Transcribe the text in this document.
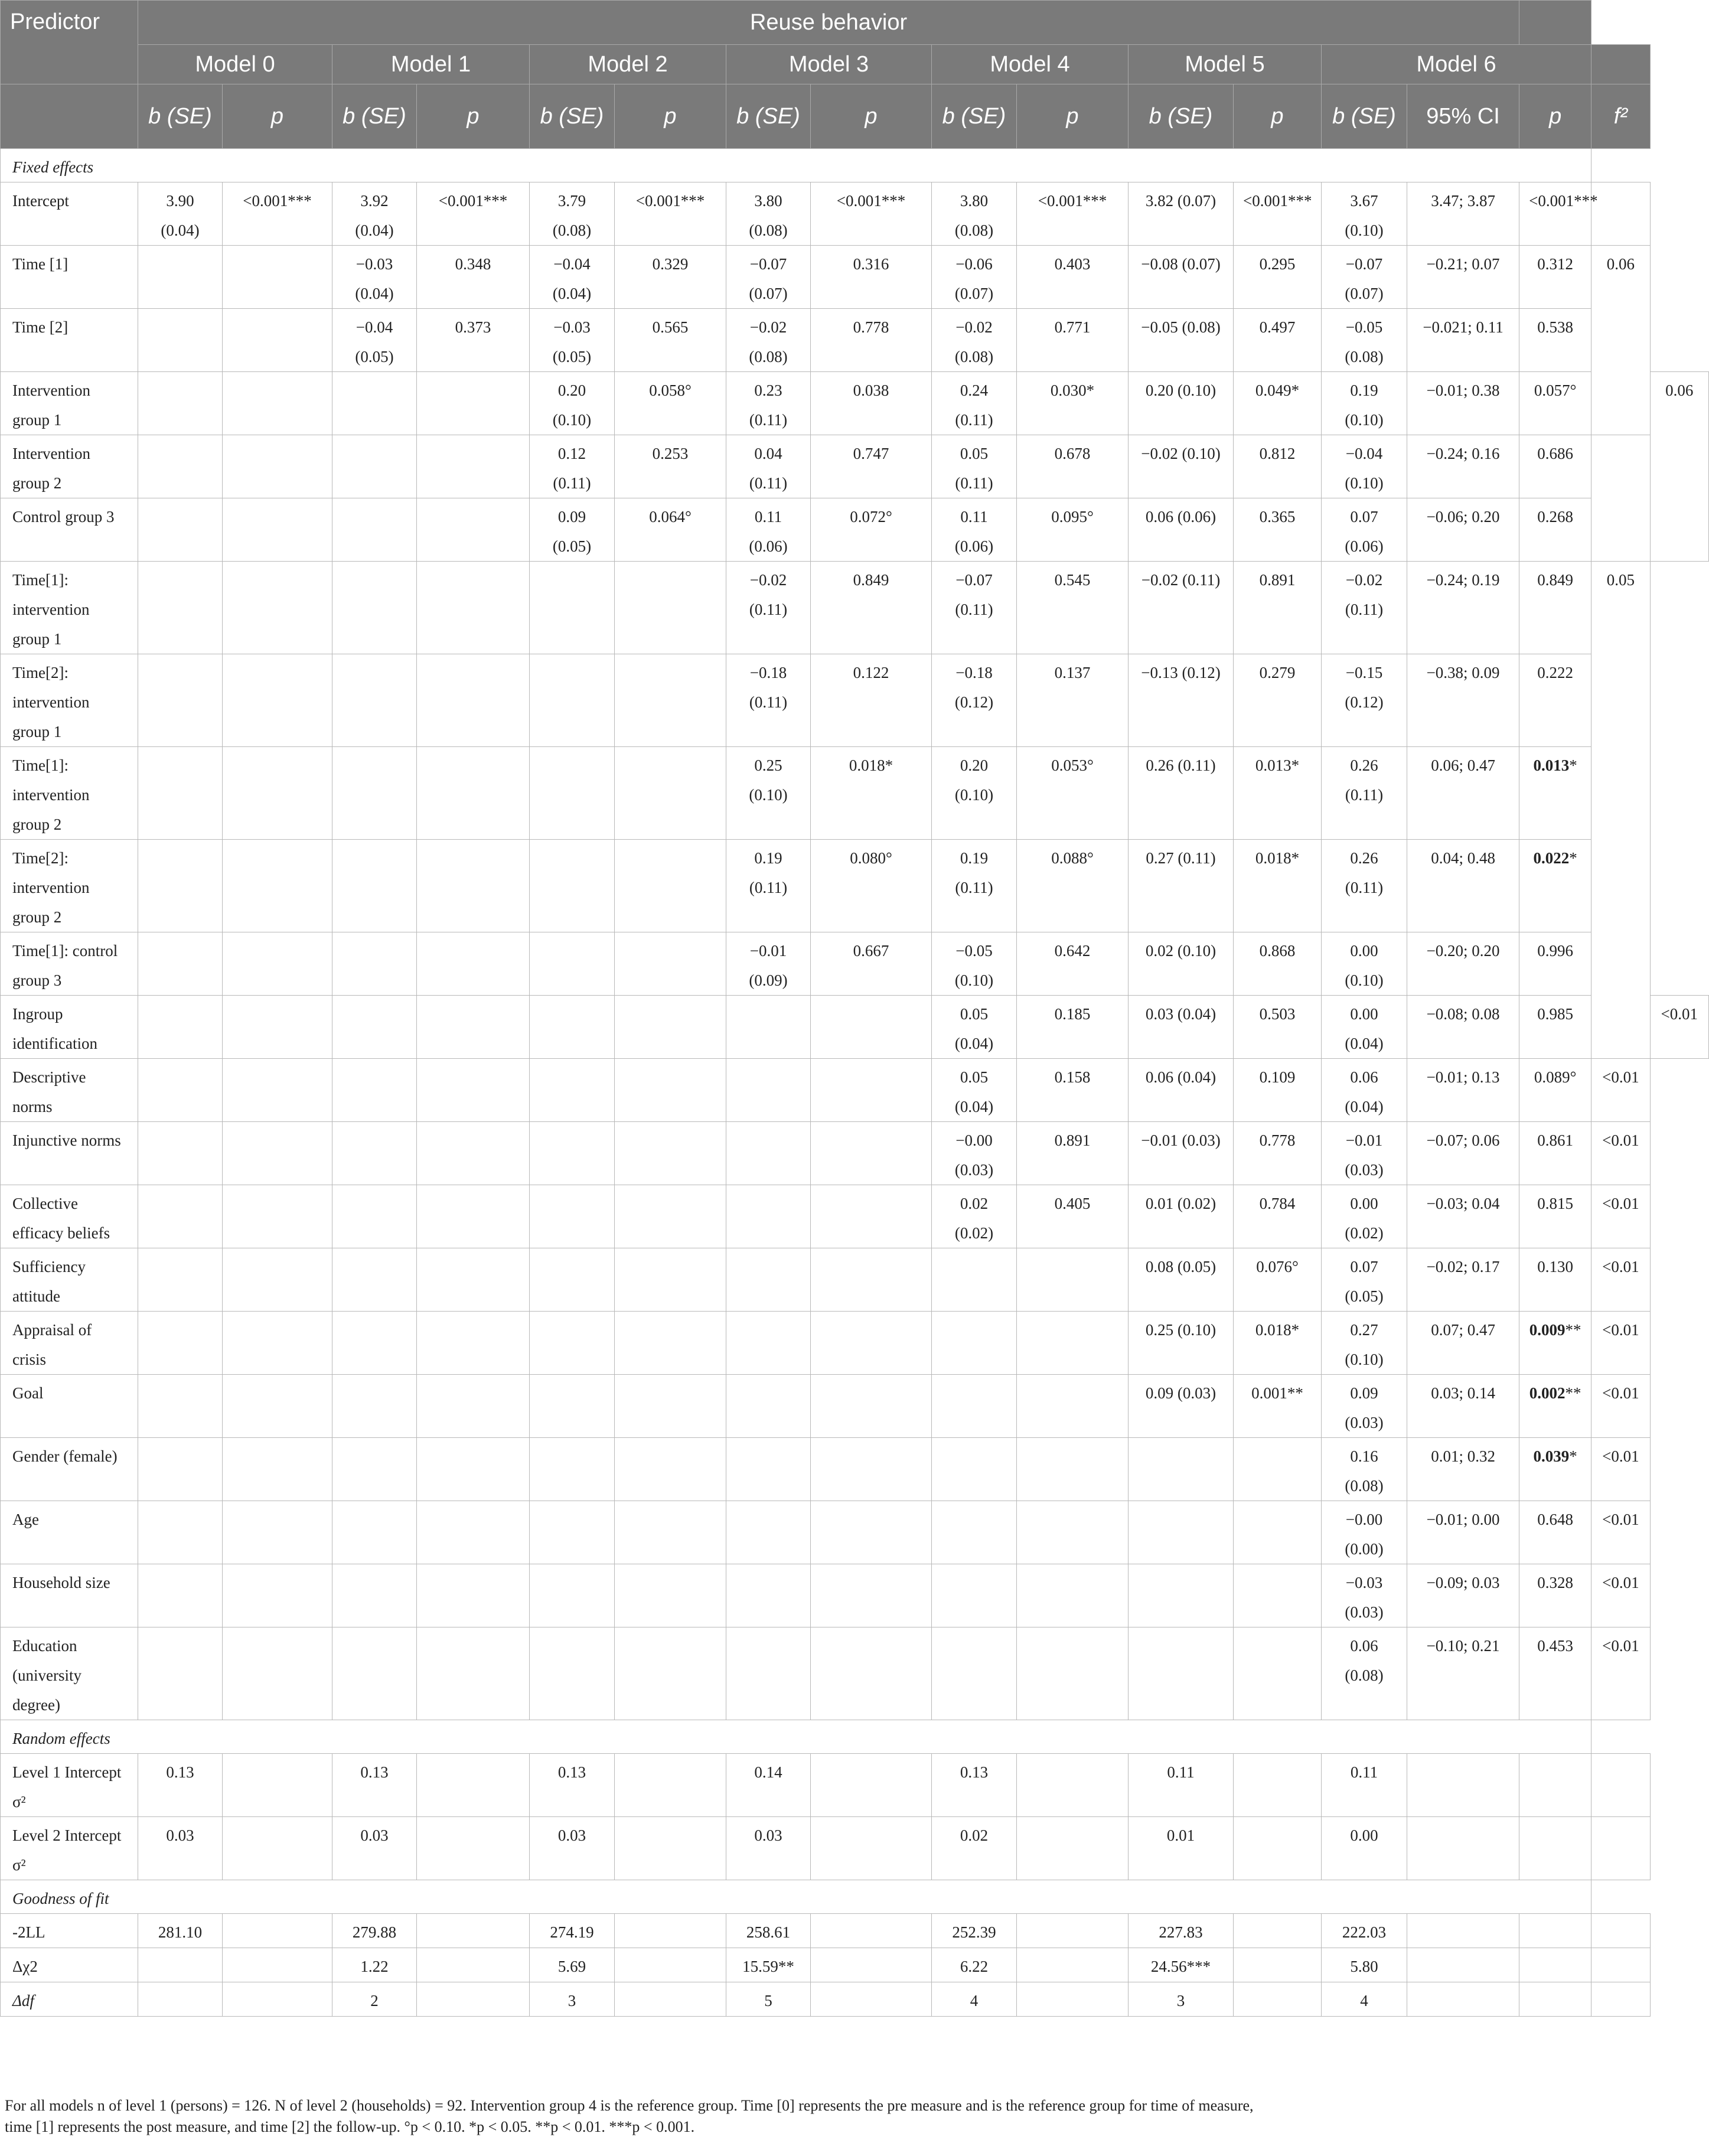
Predictor	Reuse behavior																
	Model 0		Model 1		Model 2		Model 3		Model 4		Model 5		Model 6				
	b (SE)	p	b (SE)	p	b (SE)	p	b (SE)	p	b (SE)	p	b (SE)	p	b (SE)	95% CI	p	f²	
Fixed effects																	
Intercept	3.90 (0.04)	<0.001***	3.92 (0.04)	<0.001***	3.79 (0.08)	<0.001***	3.80 (0.08)	<0.001***	3.80 (0.08)	<0.001***	3.82 (0.07)	<0.001***	3.67 (0.10)	3.47; 3.87	<0.001***		
Time [1]			−0.03 (0.04)	0.348	−0.04 (0.04)	0.329	−0.07 (0.07)	0.316	−0.06 (0.07)	0.403	−0.08 (0.07)	0.295	−0.07 (0.07)	−0.21; 0.07	0.312	0.06	
Time [2]			−0.04 (0.05)	0.373	−0.03 (0.05)	0.565	−0.02 (0.08)	0.778	−0.02 (0.08)	0.771	−0.05 (0.08)	0.497	−0.05 (0.08)	−0.021; 0.11	0.538		
Intervention group 1					0.20 (0.10)	0.058°	0.23 (0.11)	0.038	0.24 (0.11)	0.030*	0.20 (0.10)	0.049*	0.19 (0.10)	−0.01; 0.38	0.057°		0.06
Intervention group 2					0.12 (0.11)	0.253	0.04 (0.11)	0.747	0.05 (0.11)	0.678	−0.02 (0.10)	0.812	−0.04 (0.10)	−0.24; 0.16	0.686		
Control group 3					0.09 (0.05)	0.064°	0.11 (0.06)	0.072°	0.11 (0.06)	0.095°	0.06 (0.06)	0.365	0.07 (0.06)	−0.06; 0.20	0.268		
Time[1]: intervention group 1							−0.02 (0.11)	0.849	−0.07 (0.11)	0.545	−0.02 (0.11)	0.891	−0.02 (0.11)	−0.24; 0.19	0.849	0.05	
Time[2]: intervention group 1							−0.18 (0.11)	0.122	−0.18 (0.12)	0.137	−0.13 (0.12)	0.279	−0.15 (0.12)	−0.38; 0.09	0.222		
Time[1]: intervention group 2							0.25 (0.10)	0.018*	0.20 (0.10)	0.053°	0.26 (0.11)	0.013*	0.26 (0.11)	0.06; 0.47	0.013*		
Time[2]: intervention group 2							0.19 (0.11)	0.080°	0.19 (0.11)	0.088°	0.27 (0.11)	0.018*	0.26 (0.11)	0.04; 0.48	0.022*		
Time[1]: control group 3							−0.01 (0.09)	0.667	−0.05 (0.10)	0.642	0.02 (0.10)	0.868	0.00 (0.10)	−0.20; 0.20	0.996		
Ingroup identification									0.05 (0.04)	0.185	0.03 (0.04)	0.503	0.00 (0.04)	−0.08; 0.08	0.985		<0.01
Descriptive norms									0.05 (0.04)	0.158	0.06 (0.04)	0.109	0.06 (0.04)	−0.01; 0.13	0.089°	<0.01	
Injunctive norms									−0.00 (0.03)	0.891	−0.01 (0.03)	0.778	−0.01 (0.03)	−0.07; 0.06	0.861	<0.01	
Collective efficacy beliefs									0.02 (0.02)	0.405	0.01 (0.02)	0.784	0.00 (0.02)	−0.03; 0.04	0.815	<0.01	
Sufficiency attitude											0.08 (0.05)	0.076°	0.07 (0.05)	−0.02; 0.17	0.130	<0.01	
Appraisal of crisis											0.25 (0.10)	0.018*	0.27 (0.10)	0.07; 0.47	0.009**	<0.01	
Goal											0.09 (0.03)	0.001**	0.09 (0.03)	0.03; 0.14	0.002**	<0.01	
Gender (female)													0.16 (0.08)	0.01; 0.32	0.039*	<0.01	
Age													−0.00 (0.00)	−0.01; 0.00	0.648	<0.01	
Household size													−0.03 (0.03)	−0.09; 0.03	0.328	<0.01	
Education (university degree)													0.06 (0.08)	−0.10; 0.21	0.453	<0.01	
Random effects																	
Level 1 Intercept σ²	0.13		0.13		0.13		0.14		0.13		0.11		0.11				
Level 2 Intercept σ²	0.03		0.03		0.03		0.03		0.02		0.01		0.00				
Goodness of fit																	
-2LL	281.10		279.88		274.19		258.61		252.39		227.83		222.03				
Δχ2			1.22		5.69		15.59**		6.22		24.56***		5.80				
Δdf			2		3		5		4		3		4				
For all models n of level 1 (persons) = 126. N of level 2 (households) = 92. Intervention group 4 is the reference group. Time [0] represents the pre measure and is the reference group for time of measure, time [1] represents the post measure, and time [2] the follow-up. °p < 0.10. *p < 0.05. **p < 0.01. ***p < 0.001.
